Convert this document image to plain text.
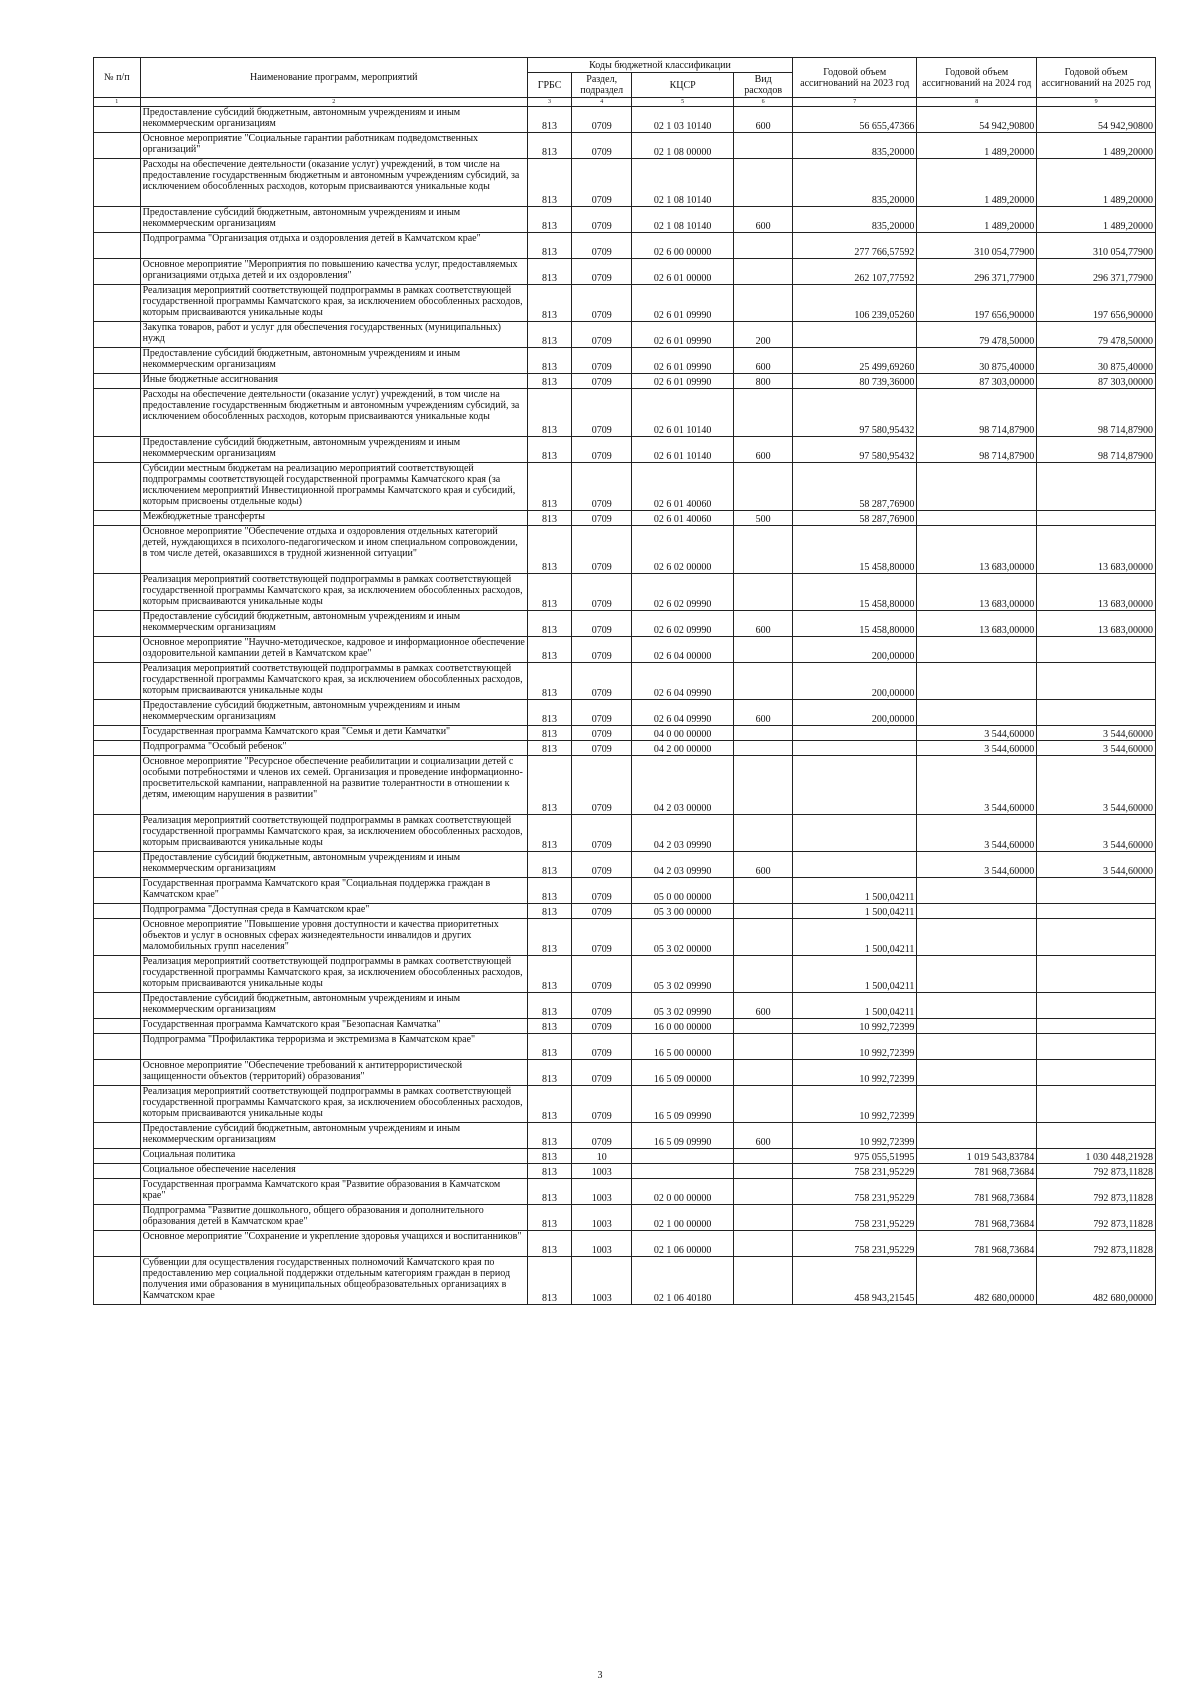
№ п/п	Наименование программ, мероприятий	Коды бюджетной классификации				Годовой объем ассигнований на 2023 год	Годовой объем ассигнований на 2024 год	Годовой объем ассигнований на 2025 год
		ГРБС	Раздел, подраздел	КЦСР	Вид расходов			
1	2	3	4	5	6	7	8	9
	Предоставление субсидий бюджетным, автономным учреждениям и иным некоммерческим организациям	813	0709	02 1 03 10140	600	56 655,47366	54 942,90800	54 942,90800
	Основное мероприятие "Социальные гарантии работникам подведомственных организаций"	813	0709	02 1 08 00000		835,20000	1 489,20000	1 489,20000
	Расходы на обеспечение деятельности (оказание услуг) учреждений, в том числе на предоставление государственным бюджетным и автономным учреждениям субсидий, за исключением обособленных расходов, которым присваиваются уникальные коды	813	0709	02 1 08 10140		835,20000	1 489,20000	1 489,20000
	Предоставление субсидий бюджетным, автономным учреждениям и иным некоммерческим организациям	813	0709	02 1 08 10140	600	835,20000	1 489,20000	1 489,20000
	Подпрограмма "Организация отдыха и оздоровления детей в Камчатском крае"	813	0709	02 6 00 00000		277 766,57592	310 054,77900	310 054,77900
	Основное мероприятие "Мероприятия по повышению качества услуг, предоставляемых организациями отдыха детей и их оздоровления"	813	0709	02 6 01 00000		262 107,77592	296 371,77900	296 371,77900
	Реализация мероприятий соответствующей подпрограммы в рамках соответствующей государственной программы Камчатского края, за исключением обособленных расходов, которым присваиваются уникальные коды	813	0709	02 6 01 09990		106 239,05260	197 656,90000	197 656,90000
	Закупка товаров, работ и услуг для обеспечения государственных (муниципальных) нужд	813	0709	02 6 01 09990	200		79 478,50000	79 478,50000
	Предоставление субсидий бюджетным, автономным учреждениям и иным некоммерческим организациям	813	0709	02 6 01 09990	600	25 499,69260	30 875,40000	30 875,40000
	Иные бюджетные ассигнования	813	0709	02 6 01 09990	800	80 739,36000	87 303,00000	87 303,00000
	Расходы на обеспечение деятельности (оказание услуг) учреждений, в том числе на предоставление государственным бюджетным и автономным учреждениям субсидий, за исключением обособленных расходов, которым присваиваются уникальные коды	813	0709	02 6 01 10140		97 580,95432	98 714,87900	98 714,87900
	Предоставление субсидий бюджетным, автономным учреждениям и иным некоммерческим организациям	813	0709	02 6 01 10140	600	97 580,95432	98 714,87900	98 714,87900
	Субсидии местным бюджетам на реализацию мероприятий соответствующей подпрограммы соответствующей государственной программы Камчатского края (за исключением мероприятий Инвестиционной программы Камчатского края и субсидий, которым присвоены отдельные коды)	813	0709	02 6 01 40060		58 287,76900		
	Межбюджетные трансферты	813	0709	02 6 01 40060	500	58 287,76900		
	Основное мероприятие "Обеспечение отдыха и оздоровления отдельных категорий детей, нуждающихся в психолого-педагогическом и ином специальном сопровождении, в том числе детей, оказавшихся в трудной жизненной ситуации"	813	0709	02 6 02 00000		15 458,80000	13 683,00000	13 683,00000
	Реализация мероприятий соответствующей подпрограммы в рамках соответствующей государственной программы Камчатского края, за исключением обособленных расходов, которым присваиваются уникальные коды	813	0709	02 6 02 09990		15 458,80000	13 683,00000	13 683,00000
	Предоставление субсидий бюджетным, автономным учреждениям и иным некоммерческим организациям	813	0709	02 6 02 09990	600	15 458,80000	13 683,00000	13 683,00000
	Основное мероприятие "Научно-методическое, кадровое и информационное обеспечение оздоровительной кампании детей в Камчатском крае"	813	0709	02 6 04 00000		200,00000		
	Реализация мероприятий соответствующей подпрограммы в рамках соответствующей государственной программы Камчатского края, за исключением обособленных расходов, которым присваиваются уникальные коды	813	0709	02 6 04 09990		200,00000		
	Предоставление субсидий бюджетным, автономным учреждениям и иным некоммерческим организациям	813	0709	02 6 04 09990	600	200,00000		
	Государственная программа Камчатского края "Семья и дети Камчатки"	813	0709	04 0 00 00000			3 544,60000	3 544,60000
	Подпрограмма "Особый ребенок"	813	0709	04 2 00 00000			3 544,60000	3 544,60000
	Основное мероприятие "Ресурсное обеспечение реабилитации и социализации детей с особыми потребностями и членов их семей. Организация и проведение информационно-просветительской кампании, направленной на развитие толерантности в отношении к детям, имеющим нарушения в развитии"	813	0709	04 2 03 00000			3 544,60000	3 544,60000
	Реализация мероприятий соответствующей подпрограммы в рамках соответствующей государственной программы Камчатского края, за исключением обособленных расходов, которым присваиваются уникальные коды	813	0709	04 2 03 09990			3 544,60000	3 544,60000
	Предоставление субсидий бюджетным, автономным учреждениям и иным некоммерческим организациям	813	0709	04 2 03 09990	600		3 544,60000	3 544,60000
	Государственная программа Камчатского края "Социальная поддержка граждан в Камчатском крае"	813	0709	05 0 00 00000		1 500,04211		
	Подпрограмма "Доступная среда в Камчатском крае"	813	0709	05 3 00 00000		1 500,04211		
	Основное мероприятие "Повышение уровня доступности и качества приоритетных объектов и услуг в основных сферах жизнедеятельности инвалидов и других маломобильных групп населения"	813	0709	05 3 02 00000		1 500,04211		
	Реализация мероприятий соответствующей подпрограммы в рамках соответствующей государственной программы Камчатского края, за исключением обособленных расходов, которым присваиваются уникальные коды	813	0709	05 3 02 09990		1 500,04211		
	Предоставление субсидий бюджетным, автономным учреждениям и иным некоммерческим организациям	813	0709	05 3 02 09990	600	1 500,04211		
	Государственная программа Камчатского края "Безопасная Камчатка"	813	0709	16 0 00 00000		10 992,72399		
	Подпрограмма "Профилактика терроризма и экстремизма в Камчатском крае"	813	0709	16 5 00 00000		10 992,72399		
	Основное мероприятие "Обеспечение требований к антитеррористической защищенности объектов (территорий) образования"	813	0709	16 5 09 00000		10 992,72399		
	Реализация мероприятий соответствующей подпрограммы в рамках соответствующей государственной программы Камчатского края, за исключением обособленных расходов, которым присваиваются уникальные коды	813	0709	16 5 09 09990		10 992,72399		
	Предоставление субсидий бюджетным, автономным учреждениям и иным некоммерческим организациям	813	0709	16 5 09 09990	600	10 992,72399		
	Социальная политика	813	10			975 055,51995	1 019 543,83784	1 030 448,21928
	Социальное обеспечение населения	813	1003			758 231,95229	781 968,73684	792 873,11828
	Государственная программа Камчатского края "Развитие образования в Камчатском крае"	813	1003	02 0 00 00000		758 231,95229	781 968,73684	792 873,11828
	Подпрограмма "Развитие дошкольного, общего образования и дополнительного образования детей в Камчатском крае"	813	1003	02 1 00 00000		758 231,95229	781 968,73684	792 873,11828
	Основное мероприятие "Сохранение и укрепление здоровья учащихся и воспитанников"	813	1003	02 1 06 00000		758 231,95229	781 968,73684	792 873,11828
	Субвенции для осуществления государственных полномочий Камчатского края по предоставлению мер социальной поддержки отдельным категориям граждан в период получения ими образования в муниципальных общеобразовательных организациях в Камчатском крае	813	1003	02 1 06 40180		458 943,21545	482 680,00000	482 680,00000
3
